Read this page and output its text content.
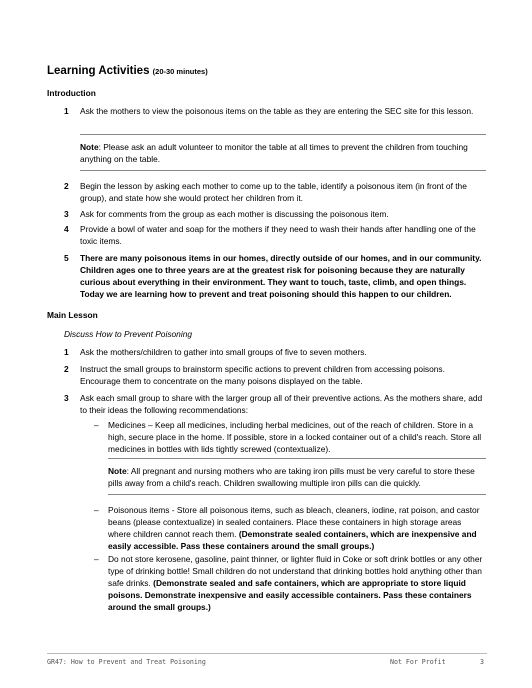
Learning Activities (20-30 minutes)
Introduction
1 Ask the mothers to view the poisonous items on the table as they are entering the SEC site for this lesson.
Note: Please ask an adult volunteer to monitor the table at all times to prevent the children from touching anything on the table.
2 Begin the lesson by asking each mother to come up to the table, identify a poisonous item (in front of the group), and state how she would protect her children from it.
3 Ask for comments from the group as each mother is discussing the poisonous item.
4 Provide a bowl of water and soap for the mothers if they need to wash their hands after handling one of the toxic items.
5 There are many poisonous items in our homes, directly outside of our homes, and in our community. Children ages one to three years are at the greatest risk for poisoning because they are naturally curious about everything in their environment. They want to touch, taste, climb, and open things. Today we are learning how to prevent and treat poisoning should this happen to our children.
Main Lesson
Discuss How to Prevent Poisoning
1 Ask the mothers/children to gather into small groups of five to seven mothers.
2 Instruct the small groups to brainstorm specific actions to prevent children from accessing poisons. Encourage them to concentrate on the many poisons displayed on the table.
3 Ask each small group to share with the larger group all of their preventive actions. As the mothers share, add to their ideas the following recommendations:
– Medicines – Keep all medicines, including herbal medicines, out of the reach of children. Store in a high, secure place in the home. If possible, store in a locked container out of a child's reach. Store all medicines in bottles with lids tightly screwed (contextualize).
Note: All pregnant and nursing mothers who are taking iron pills must be very careful to store these pills away from a child's reach. Children swallowing multiple iron pills can die quickly.
– Poisonous items - Store all poisonous items, such as bleach, cleaners, iodine, rat poison, and castor beans (please contextualize) in sealed containers. Place these containers in high storage areas where children cannot reach them. (Demonstrate sealed containers, which are inexpensive and easily accessible. Pass these containers around the small groups.)
– Do not store kerosene, gasoline, paint thinner, or lighter fluid in Coke or soft drink bottles or any other type of drinking bottle! Small children do not understand that drinking bottles hold anything other than safe drinks. (Demonstrate sealed and safe containers, which are appropriate to store liquid poisons. Demonstrate inexpensive and easily accessible containers. Pass these containers around the small groups.)
GR47: How to Prevent and Treat Poisoning	Not For Profit	3
